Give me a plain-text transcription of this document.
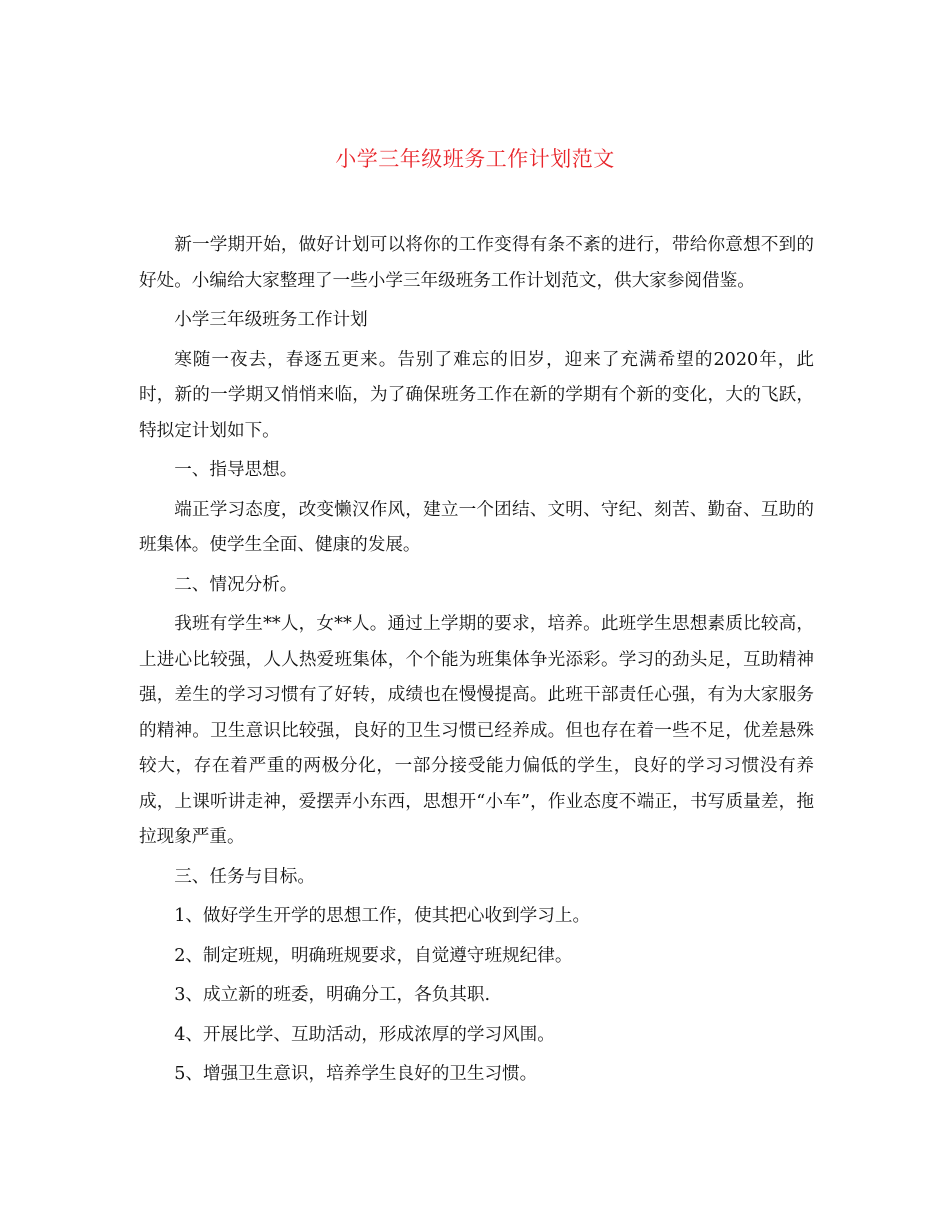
小学三年级班务工作计划范文

新一学期开始，做好计划可以将你的工作变得有条不紊的进行，带给你意想不到的好处。小编给大家整理了一些小学三年级班务工作计划范文，供大家参阅借鉴。

小学三年级班务工作计划

寒随一夜去，春逐五更来。告别了难忘的旧岁，迎来了充满希望的2020年，此时，新的一学期又悄悄来临，为了确保班务工作在新的学期有个新的变化，大的飞跃，特拟定计划如下。

一、指导思想。

端正学习态度，改变懒汉作风，建立一个团结、文明、守纪、刻苦、勤奋、互助的班集体。使学生全面、健康的发展。

二、情况分析。

我班有学生**人，女**人。通过上学期的要求，培养。此班学生思想素质比较高，上进心比较强，人人热爱班集体，个个能为班集体争光添彩。学习的劲头足，互助精神强，差生的学习习惯有了好转，成绩也在慢慢提高。此班干部责任心强，有为大家服务的精神。卫生意识比较强，良好的卫生习惯已经养成。但也存在着一些不足，优差悬殊较大，存在着严重的两极分化，一部分接受能力偏低的学生，良好的学习习惯没有养成，上课听讲走神，爱摆弄小东西，思想开“小车”，作业态度不端正，书写质量差，拖拉现象严重。

三、任务与目标。

1、做好学生开学的思想工作，使其把心收到学习上。

2、制定班规，明确班规要求，自觉遵守班规纪律。

3、成立新的班委，明确分工，各负其职.

4、开展比学、互助活动，形成浓厚的学习风围。

5、增强卫生意识，培养学生良好的卫生习惯。
